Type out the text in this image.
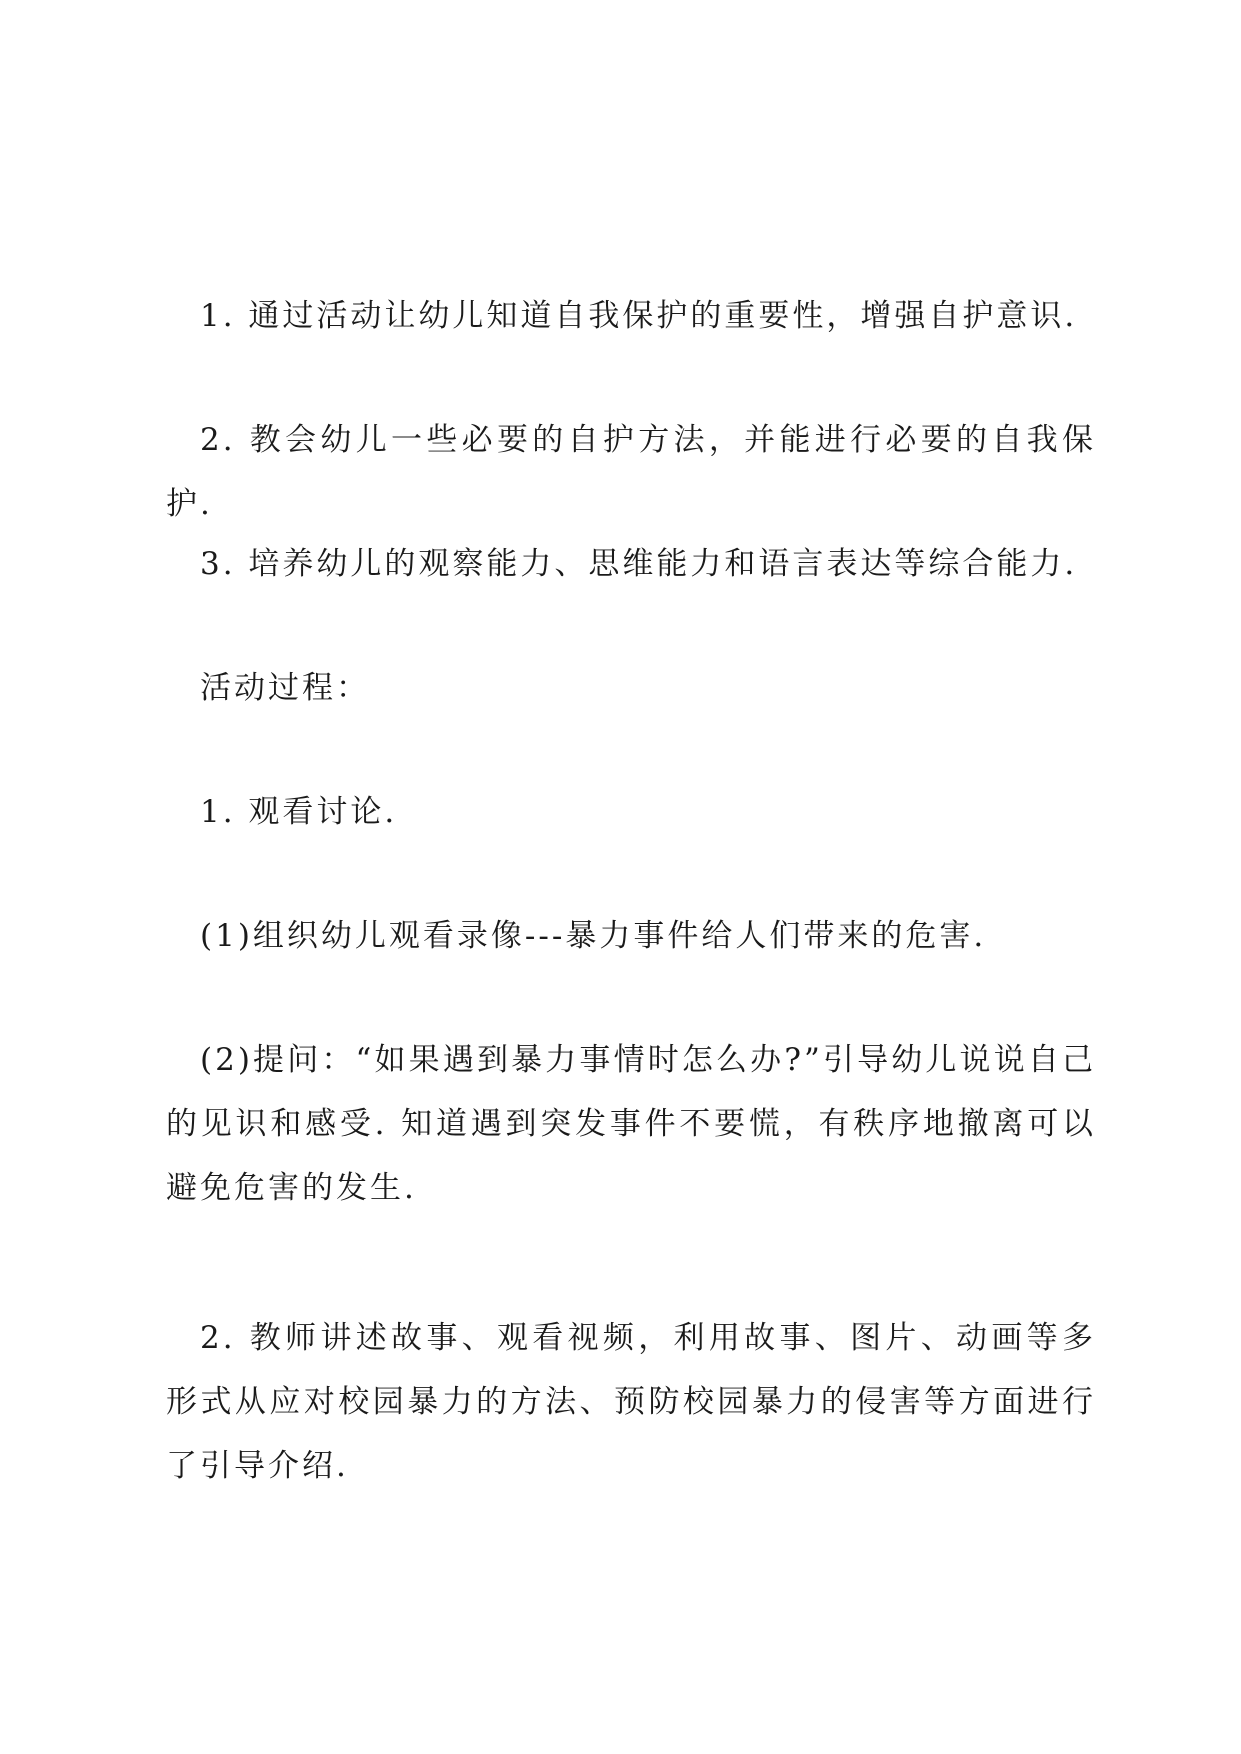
1. 通过活动让幼儿知道自我保护的重要性，增强自护意识.

2. 教会幼儿一些必要的自护方法，并能进行必要的自我保护.

3. 培养幼儿的观察能力、思维能力和语言表达等综合能力.

活动过程：

1. 观看讨论.

(1)组织幼儿观看录像---暴力事件给人们带来的危害.

(2)提问：“如果遇到暴力事情时怎么办?”引导幼儿说说自己的见识和感受. 知道遇到突发事件不要慌，有秩序地撤离可以避免危害的发生.

2. 教师讲述故事、观看视频，利用故事、图片、动画等多形式从应对校园暴力的方法、预防校园暴力的侵害等方面进行了引导介绍.
